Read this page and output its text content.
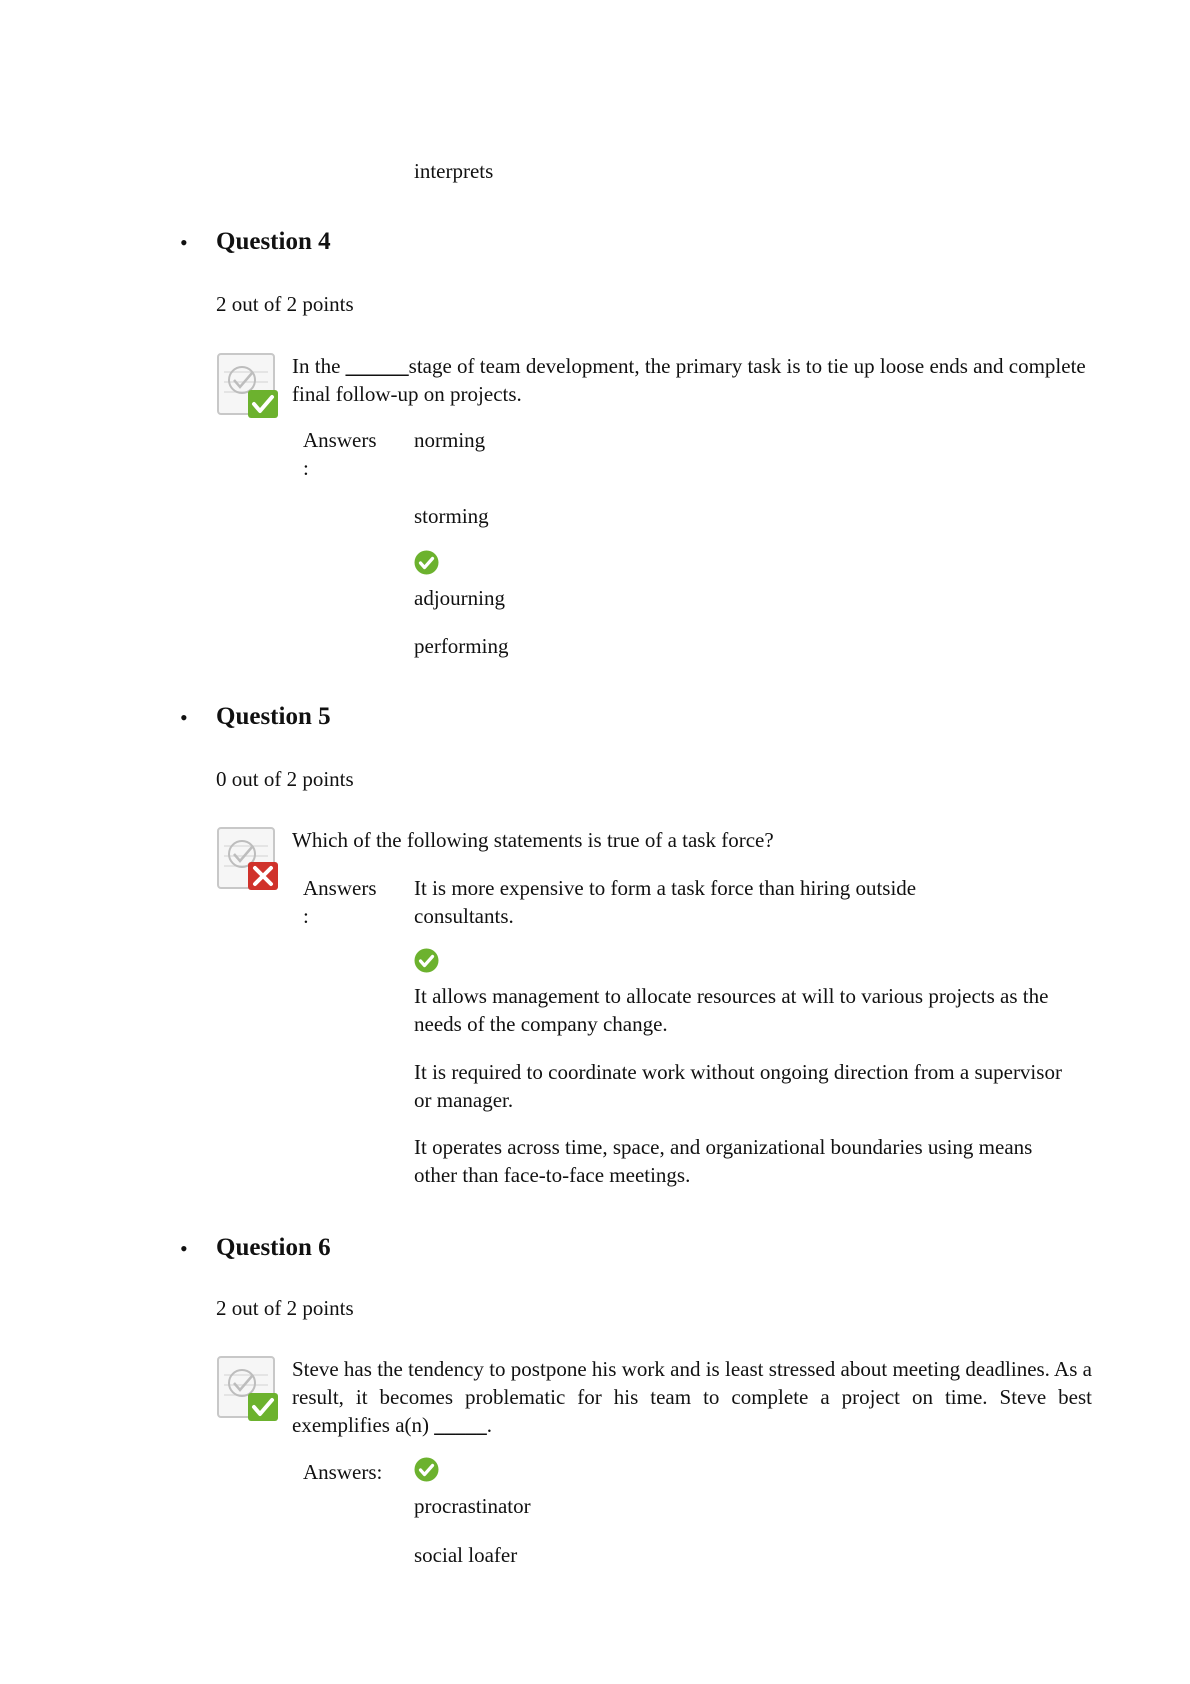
interprets
• Question 4
2 out of 2 points
In the ______stage of team development, the primary task is to tie up loose ends and complete final follow-up on projects.
Answers
:
norming
storming
adjourning
performing
• Question 5
0 out of 2 points
Which of the following statements is true of a task force?
Answers
:
It is more expensive to form a task force than hiring outside consultants.
It allows management to allocate resources at will to various projects as the needs of the company change.
It is required to coordinate work without ongoing direction from a supervisor or manager.
It operates across time, space, and organizational boundaries using means other than face-to-face meetings.
• Question 6
2 out of 2 points
Steve has the tendency to postpone his work and is least stressed about meeting deadlines. As a result, it becomes problematic for his team to complete a project on time. Steve best exemplifies a(n) _____.
Answers:
procrastinator
social loafer
